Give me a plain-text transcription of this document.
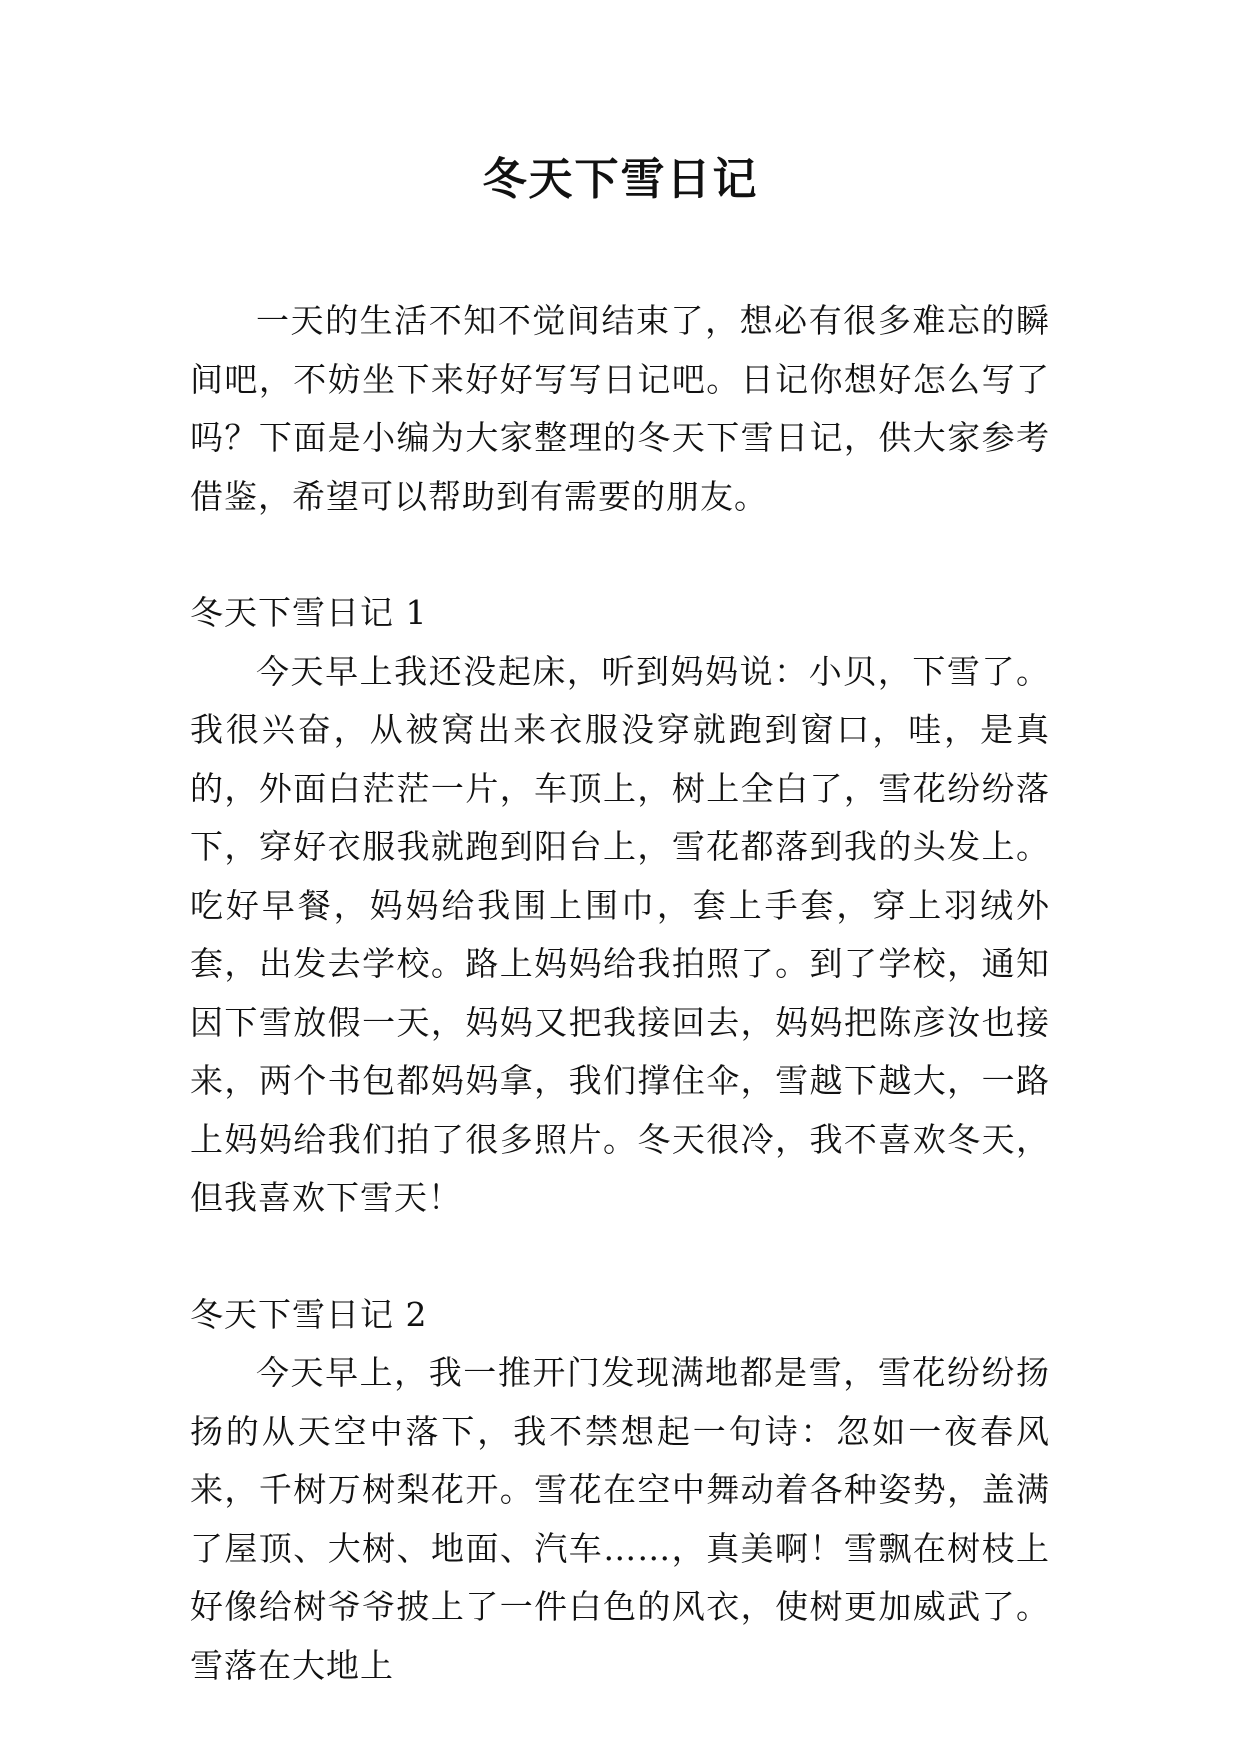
冬天下雪日记

一天的生活不知不觉间结束了，想必有很多难忘的瞬间吧，不妨坐下来好好写写日记吧。日记你想好怎么写了吗？下面是小编为大家整理的冬天下雪日记，供大家参考借鉴，希望可以帮助到有需要的朋友。

冬天下雪日记 1

今天早上我还没起床，听到妈妈说：小贝，下雪了。我很兴奋，从被窝出来衣服没穿就跑到窗口，哇，是真的，外面白茫茫一片，车顶上，树上全白了，雪花纷纷落下，穿好衣服我就跑到阳台上，雪花都落到我的头发上。吃好早餐，妈妈给我围上围巾，套上手套，穿上羽绒外套，出发去学校。路上妈妈给我拍照了。到了学校，通知因下雪放假一天，妈妈又把我接回去，妈妈把陈彦汝也接来，两个书包都妈妈拿，我们撑住伞，雪越下越大，一路上妈妈给我们拍了很多照片。冬天很冷，我不喜欢冬天，但我喜欢下雪天！

冬天下雪日记 2

今天早上，我一推开门发现满地都是雪，雪花纷纷扬扬的从天空中落下，我不禁想起一句诗：忽如一夜春风来，千树万树梨花开。雪花在空中舞动着各种姿势，盖满了屋顶、大树、地面、汽车……，真美啊！雪飘在树枝上好像给树爷爷披上了一件白色的风衣，使树更加威武了。雪落在大地上
